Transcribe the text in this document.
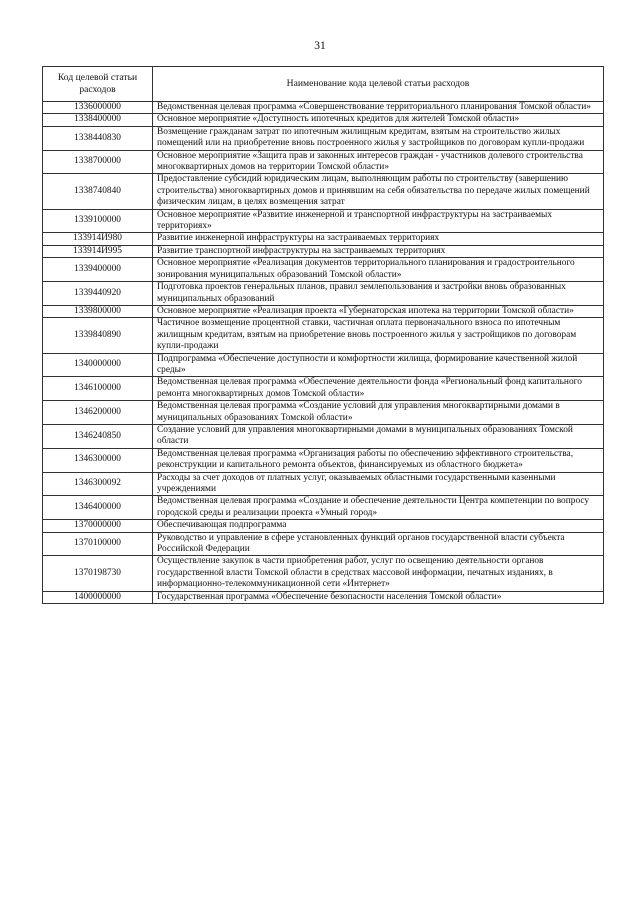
31
Код целевой статьи расходов	Наименование кода целевой статьи расходов
1336000000	Ведомственная целевая программа «Совершенствование территориального планирования Томской области»
1338400000	Основное мероприятие «Доступность ипотечных кредитов для жителей Томской области»
1338440830	Возмещение гражданам затрат по ипотечным жилищным кредитам, взятым на строительство жилых помещений или на приобретение вновь построенного жилья у застройщиков по договорам купли-продажи
1338700000	Основное мероприятие «Защита прав и законных интересов граждан - участников долевого строительства многоквартирных домов на территории Томской области»
1338740840	Предоставление субсидий юридическим лицам, выполняющим работы по строительству (завершению строительства) многоквартирных домов и принявшим на себя обязательства по передаче жилых помещений физическим лицам, в целях возмещения затрат
1339100000	Основное мероприятие «Развитие инженерной и транспортной инфраструктуры на застраиваемых территориях»
133914И980	Развитие инженерной инфраструктуры на застраиваемых территориях
133914И995	Развитие транспортной инфраструктуры на застраиваемых территориях
1339400000	Основное мероприятие «Реализация документов территориального планирования и градостроительного зонирования муниципальных образований Томской области»
1339440920	Подготовка проектов генеральных планов, правил землепользования и застройки вновь образованных муниципальных образований
1339800000	Основное мероприятие «Реализация проекта «Губернаторская ипотека на территории Томской области»
1339840890	Частичное возмещение процентной ставки, частичная оплата первоначального взноса по ипотечным жилищным кредитам, взятым на приобретение вновь построенного жилья у застройщиков по договорам купли-продажи
1340000000	Подпрограмма «Обеспечение доступности и комфортности жилища, формирование качественной жилой среды»
1346100000	Ведомственная целевая программа «Обеспечение деятельности фонда «Региональный фонд капитального ремонта многоквартирных домов Томской области»
1346200000	Ведомственная целевая программа «Создание условий для управления многоквартирными домами в муниципальных образованиях Томской области»
1346240850	Создание условий для управления многоквартирными домами в муниципальных образованиях Томской области
1346300000	Ведомственная целевая программа «Организация работы по обеспечению эффективного строительства, реконструкции и капитального ремонта объектов, финансируемых из областного бюджета»
1346300092	Расходы за счет доходов от платных услуг, оказываемых областными государственными казенными учреждениями
1346400000	Ведомственная целевая программа «Создание и обеспечение деятельности Центра компетенции по вопросу городской среды и реализации проекта «Умный город»
1370000000	Обеспечивающая подпрограмма
1370100000	Руководство и управление в сфере установленных функций органов государственной власти субъекта Российской Федерации
1370198730	Осуществление закупок в части приобретения работ, услуг по освещению деятельности органов государственной власти Томской области в средствах массовой информации, печатных изданиях, в информационно-телекоммуникационной сети «Интернет»
1400000000	Государственная программа «Обеспечение безопасности населения Томской области»
